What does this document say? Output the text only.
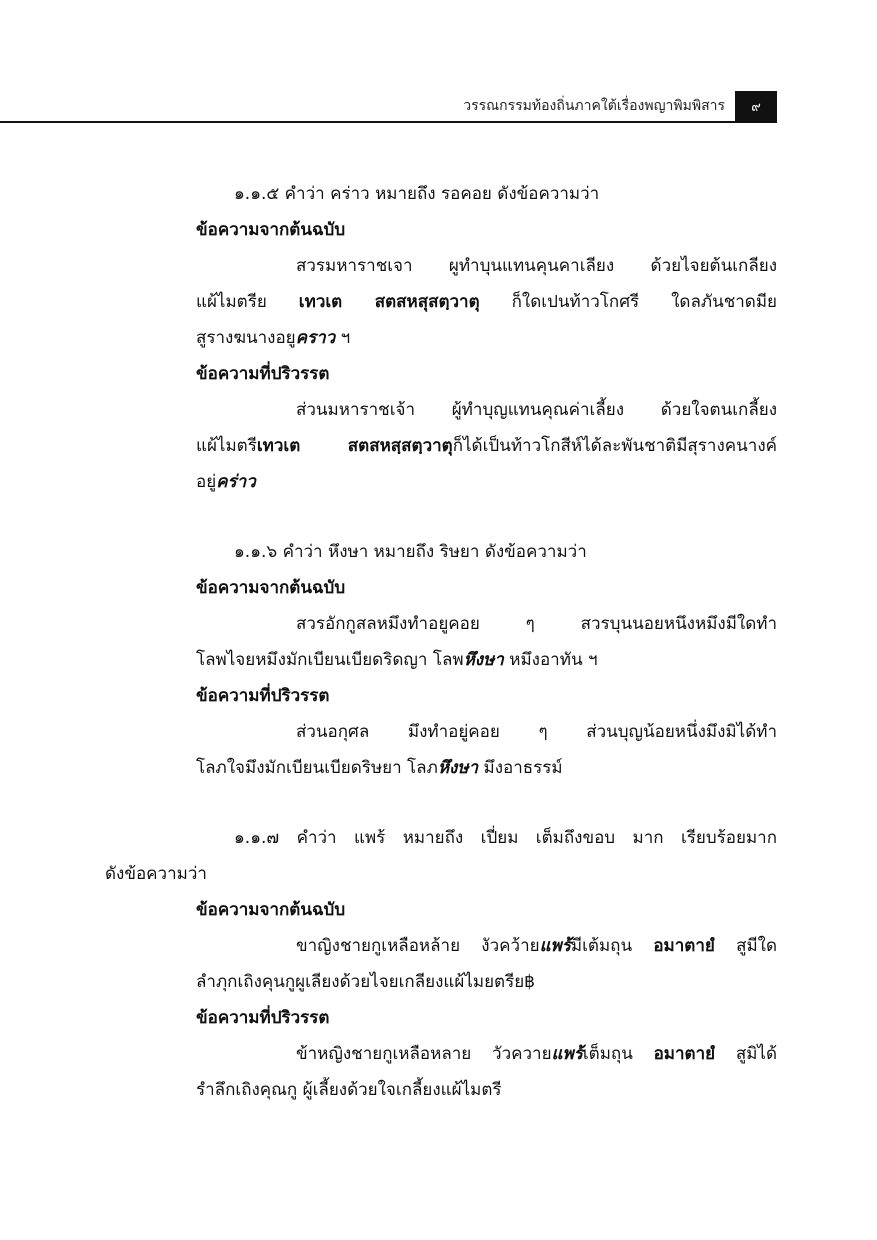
วรรณกรรมท้องถิ่นภาคใต้เรื่องพญาพิมพิสาร	๙

๑.๑.๕ คำว่า คร่าว หมายถึง รอคอย ดังข้อความว่า

ข้อความจากต้นฉบับ

สวรมหาราชเจา ผูทำบุนแทนคุนคาเลียง ด้วยไจยต้นเกลียง

แผ้ไมตรีย เทวเต สตสหสุสตฺวาตุ ก็ใดเปนท้าวโกศรี ใดลภันชาดมีย

สูรางฆนางอยูคราว ฯ

ข้อความที่ปริวรรต

ส่วนมหาราชเจ้า ผู้ทำบุญแทนคุณค่าเลี้ยง ด้วยใจตนเกลี้ยง

แผ้ไมตรีเทวเต สตสหสฺสตฺวาตุก็ได้เป็นท้าวโกสีห์ได้ละพันชาติมีสุรางคนางค์

อยู่คร่าว

๑.๑.๖ คำว่า หึงษา หมายถึง ริษยา ดังข้อความว่า

ข้อความจากต้นฉบับ

สวรอักกูสลหมึงทำอยูคอย ๆ สวรบุนนอยหนึงหมึงมีใดทำ

โลพไจยหมึงมักเบียนเบียดริดญา โลพหึงษา หมึงอาทัน ฯ

ข้อความที่ปริวรรต

ส่วนอกุศล มึงทำอยู่คอย ๆ ส่วนบุญน้อยหนึ่งมึงมิได้ทำ

โลภใจมึงมักเบียนเบียดริษยา โลภหึงษา มึงอาธรรม์

๑.๑.๗ คำว่า แพร้ หมายถึง เปี่ยม เต็มถึงขอบ มาก เรียบร้อยมาก

ดังข้อความว่า

ข้อความจากต้นฉบับ

ขาญิงชายกูเหลือหล้าย งัวคว้ายแพร้มีเต้มถุน อมาตายํ สูมีใด

ลำภุกเถิงคุนกูผูเลียงด้วยไจยเกลียงแผ้ไมยตรีย฿

ข้อความที่ปริวรรต

ข้าหญิงชายกูเหลือหลาย วัวควายแพร้เต็มถุน อมาตายํ สูมิได้

รำลึกเถิงคุณกู ผู้เลี้ยงด้วยใจเกลี้ยงแผ้ไมตรี
